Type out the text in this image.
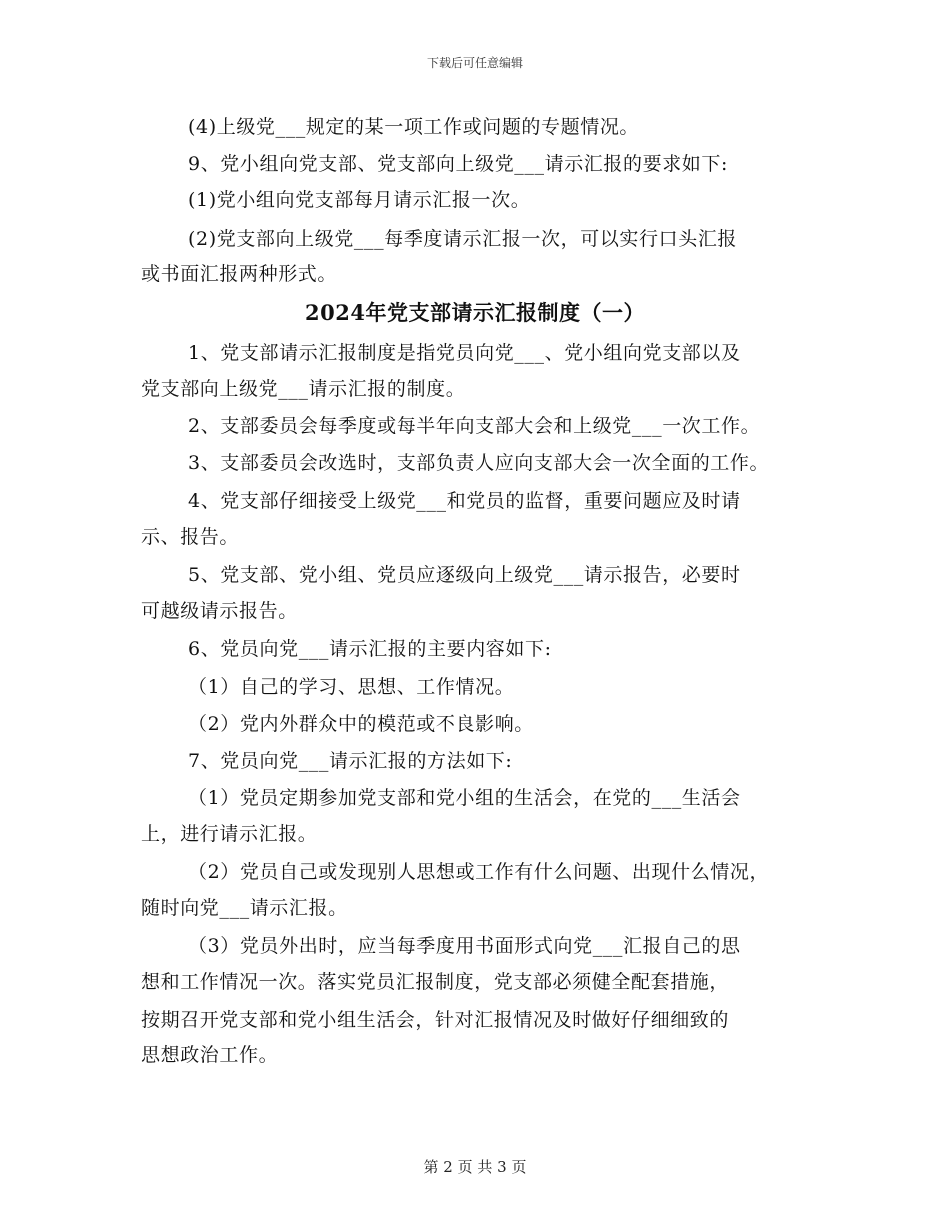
下载后可任意编辑
(4)上级党___规定的某一项工作或问题的专题情况。
9、党小组向党支部、党支部向上级党___请示汇报的要求如下:
(1)党小组向党支部每月请示汇报一次。
(2)党支部向上级党___每季度请示汇报一次，可以实行口头汇报
或书面汇报两种形式。
2024年党支部请示汇报制度（一）
1、党支部请示汇报制度是指党员向党___、党小组向党支部以及
党支部向上级党___请示汇报的制度。
2、支部委员会每季度或每半年向支部大会和上级党___一次工作。
3、支部委员会改选时，支部负责人应向支部大会一次全面的工作。
4、党支部仔细接受上级党___和党员的监督，重要问题应及时请
示、报告。
5、党支部、党小组、党员应逐级向上级党___请示报告，必要时
可越级请示报告。
6、党员向党___请示汇报的主要内容如下:
（1）自己的学习、思想、工作情况。
（2）党内外群众中的模范或不良影响。
7、党员向党___请示汇报的方法如下:
（1）党员定期参加党支部和党小组的生活会，在党的___生活会
上，进行请示汇报。
（2）党员自己或发现别人思想或工作有什么问题、出现什么情况，
随时向党___请示汇报。
（3）党员外出时，应当每季度用书面形式向党___汇报自己的思
想和工作情况一次。落实党员汇报制度，党支部必须健全配套措施，
按期召开党支部和党小组生活会，针对汇报情况及时做好仔细细致的
思想政治工作。
第 2 页 共 3 页
